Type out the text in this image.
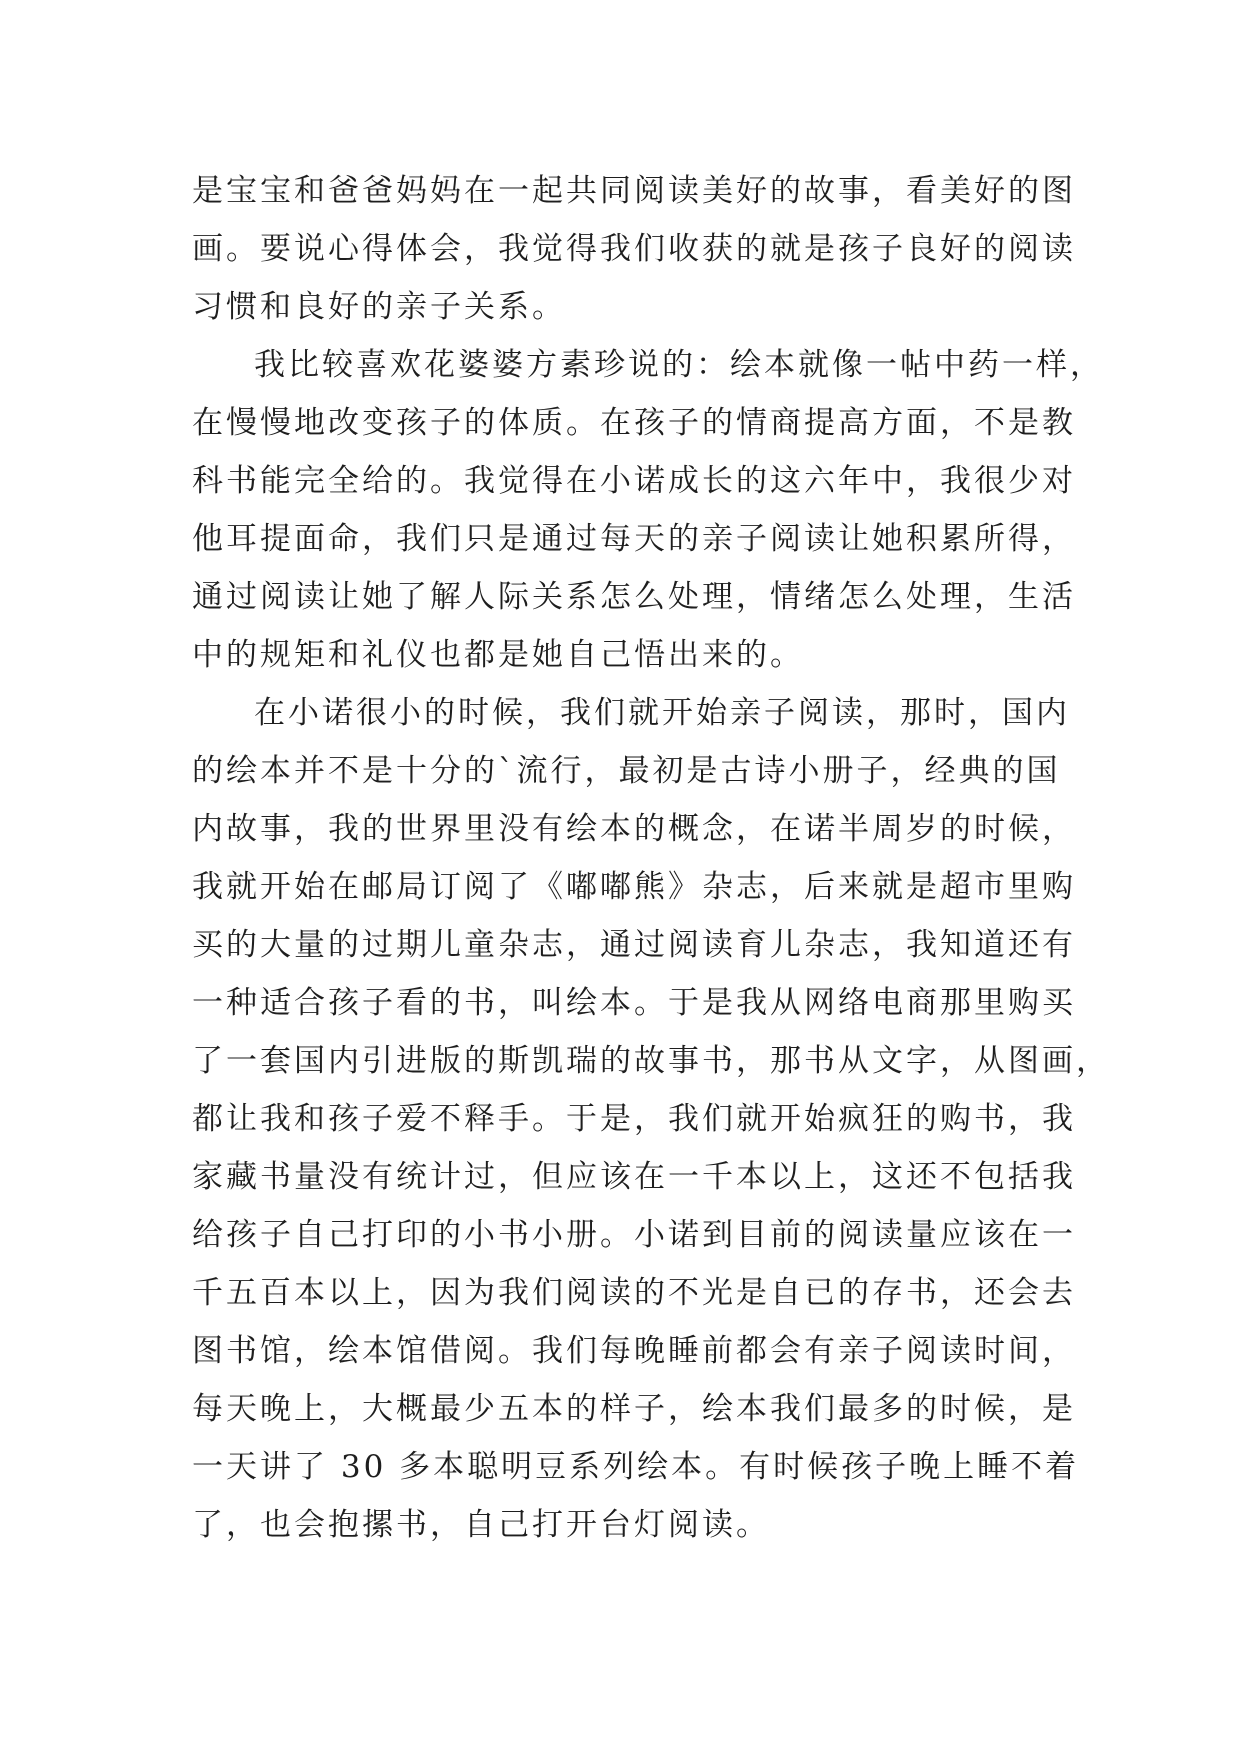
是宝宝和爸爸妈妈在一起共同阅读美好的故事，看美好的图
画。要说心得体会，我觉得我们收获的就是孩子良好的阅读
习惯和良好的亲子关系。
我比较喜欢花婆婆方素珍说的：绘本就像一帖中药一样，
在慢慢地改变孩子的体质。在孩子的情商提高方面，不是教
科书能完全给的。我觉得在小诺成长的这六年中，我很少对
他耳提面命，我们只是通过每天的亲子阅读让她积累所得，
通过阅读让她了解人际关系怎么处理，情绪怎么处理，生活
中的规矩和礼仪也都是她自己悟出来的。
在小诺很小的时候，我们就开始亲子阅读，那时，国内
的绘本并不是十分的`流行，最初是古诗小册子，经典的国
内故事，我的世界里没有绘本的概念，在诺半周岁的时候，
我就开始在邮局订阅了《嘟嘟熊》杂志，后来就是超市里购
买的大量的过期儿童杂志，通过阅读育儿杂志，我知道还有
一种适合孩子看的书，叫绘本。于是我从网络电商那里购买
了一套国内引进版的斯凯瑞的故事书，那书从文字，从图画，
都让我和孩子爱不释手。于是，我们就开始疯狂的购书，我
家藏书量没有统计过，但应该在一千本以上，这还不包括我
给孩子自己打印的小书小册。小诺到目前的阅读量应该在一
千五百本以上，因为我们阅读的不光是自已的存书，还会去
图书馆，绘本馆借阅。我们每晚睡前都会有亲子阅读时间，
每天晚上，大概最少五本的样子，绘本我们最多的时候，是
一天讲了 30 多本聪明豆系列绘本。有时候孩子晚上睡不着
了，也会抱摞书，自己打开台灯阅读。
